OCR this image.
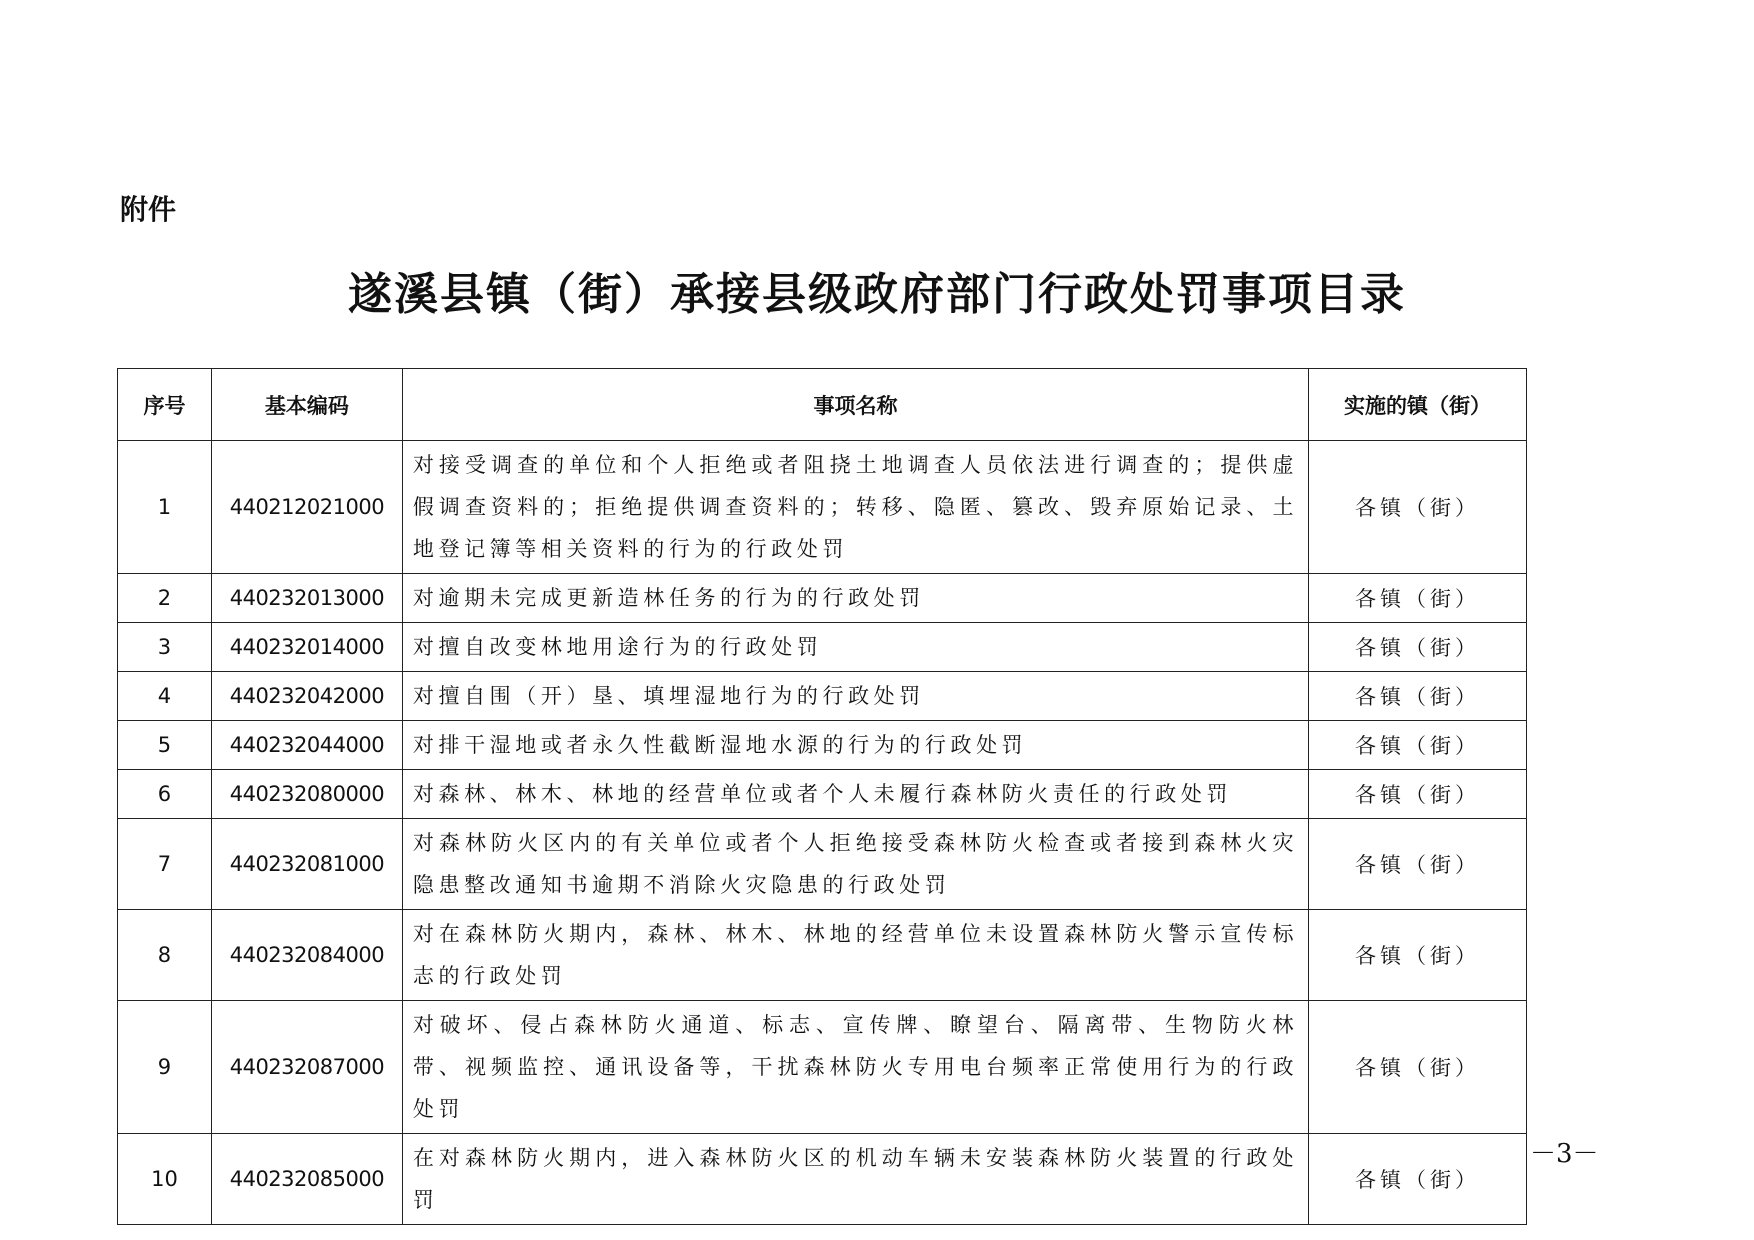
附件
遂溪县镇（街）承接县级政府部门行政处罚事项目录
序号	基本编码	事项名称	实施的镇（街）
1	440212021000	对接受调查的单位和个人拒绝或者阻挠土地调查人员依法进行调查的；提供虚假调查资料的；拒绝提供调查资料的；转移、隐匿、篡改、毁弃原始记录、土地登记簿等相关资料的行为的行政处罚	各镇（街）
2	440232013000	对逾期未完成更新造林任务的行为的行政处罚	各镇（街）
3	440232014000	对擅自改变林地用途行为的行政处罚	各镇（街）
4	440232042000	对擅自围（开）垦、填埋湿地行为的行政处罚	各镇（街）
5	440232044000	对排干湿地或者永久性截断湿地水源的行为的行政处罚	各镇（街）
6	440232080000	对森林、林木、林地的经营单位或者个人未履行森林防火责任的行政处罚	各镇（街）
7	440232081000	对森林防火区内的有关单位或者个人拒绝接受森林防火检查或者接到森林火灾隐患整改通知书逾期不消除火灾隐患的行政处罚	各镇（街）
8	440232084000	对在森林防火期内，森林、林木、林地的经营单位未设置森林防火警示宣传标志的行政处罚	各镇（街）
9	440232087000	对破坏、侵占森林防火通道、标志、宣传牌、瞭望台、隔离带、生物防火林带、视频监控、通讯设备等，干扰森林防火专用电台频率正常使用行为的行政处罚	各镇（街）
10	440232085000	在对森林防火期内，进入森林防火区的机动车辆未安装森林防火装置的行政处罚	各镇（街）
－3－
